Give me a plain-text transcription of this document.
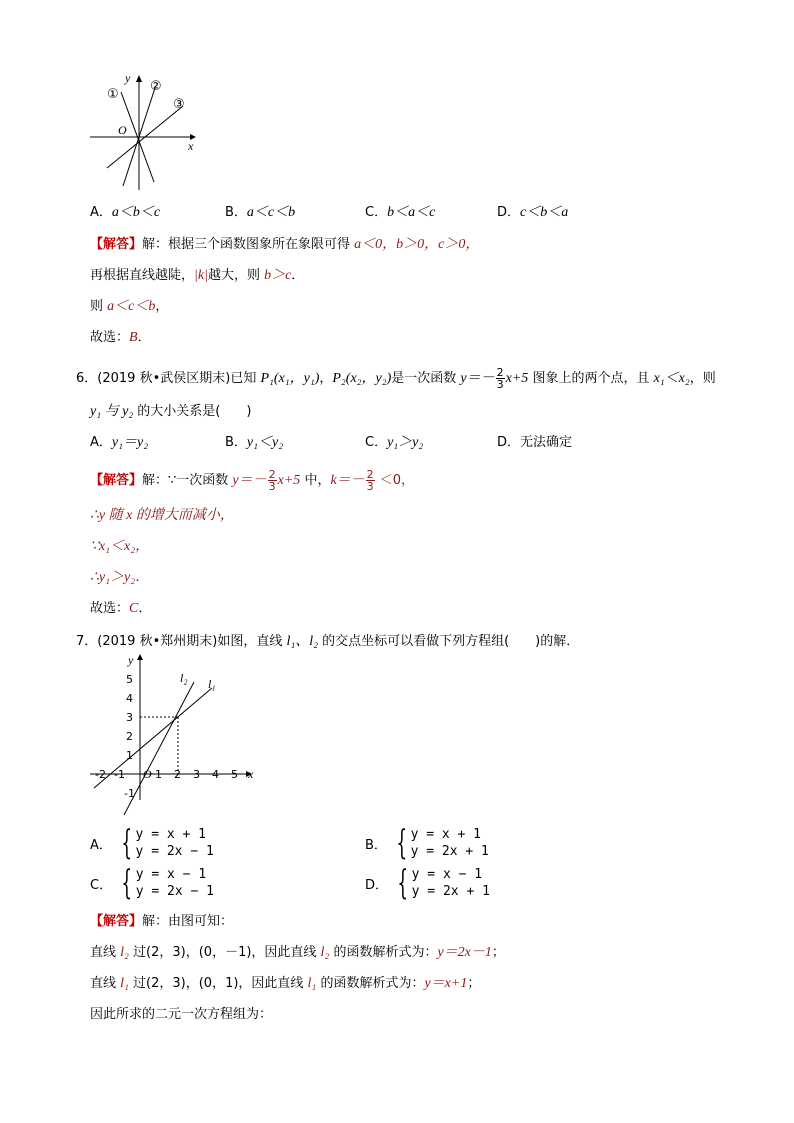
y
x
O
①
②
③
A．a＜b＜c	B．a＜c＜b	C．b＜a＜c	D．c＜b＜a
【解答】解：根据三个函数图象所在象限可得 a＜0，b＞0，c＞0，
再根据直线越陡，|k|越大，则 b＞c．
则 a＜c＜b，
故选：B．
6．(2019 秋•武侯区期末)已知 P₁(x₁，y₁)，P₂(x₂，y₂)是一次函数 $y=- \frac{2}{3} x+5$ 图象上的两个点，且 x₁＜x₂，则
y₁ 与 y₂ 的大小关系是(　　)
A．y₁＝y₂	B．y₁＜y₂	C．y₁＞y₂	D．无法确定
【解答】解：∵一次函数 $y=- \frac{2}{3} x+5$ 中，$k=- \frac{2}{3} <0$，
∴y 随 x 的增大而减小，
∵x₁＜x₂，
∴y₁＞y₂．
故选：C．
7．(2019 秋•郑州期末)如图，直线 l₁、l₂ 的交点坐标可以看做下列方程组(　　)的解．
l₁
l₂
y
x
O
-2 -1	1 2 3 4 5
5
4
3
2
1
-1
A． { y = x + 1
y = 2x − 1	B． { y = x + 1
y = 2x + 1
C． { y = x − 1
y = 2x − 1	D． { y = x − 1
y = 2x + 1
【解答】解：由图可知：
直线 l₂ 过(2，3)，(0，－1)，因此直线 l₂ 的函数解析式为：y＝2x－1；
直线 l₁ 过(2，3)，(0，1)，因此直线 l₁ 的函数解析式为：y＝x+1；
因此所求的二元一次方程组为：
